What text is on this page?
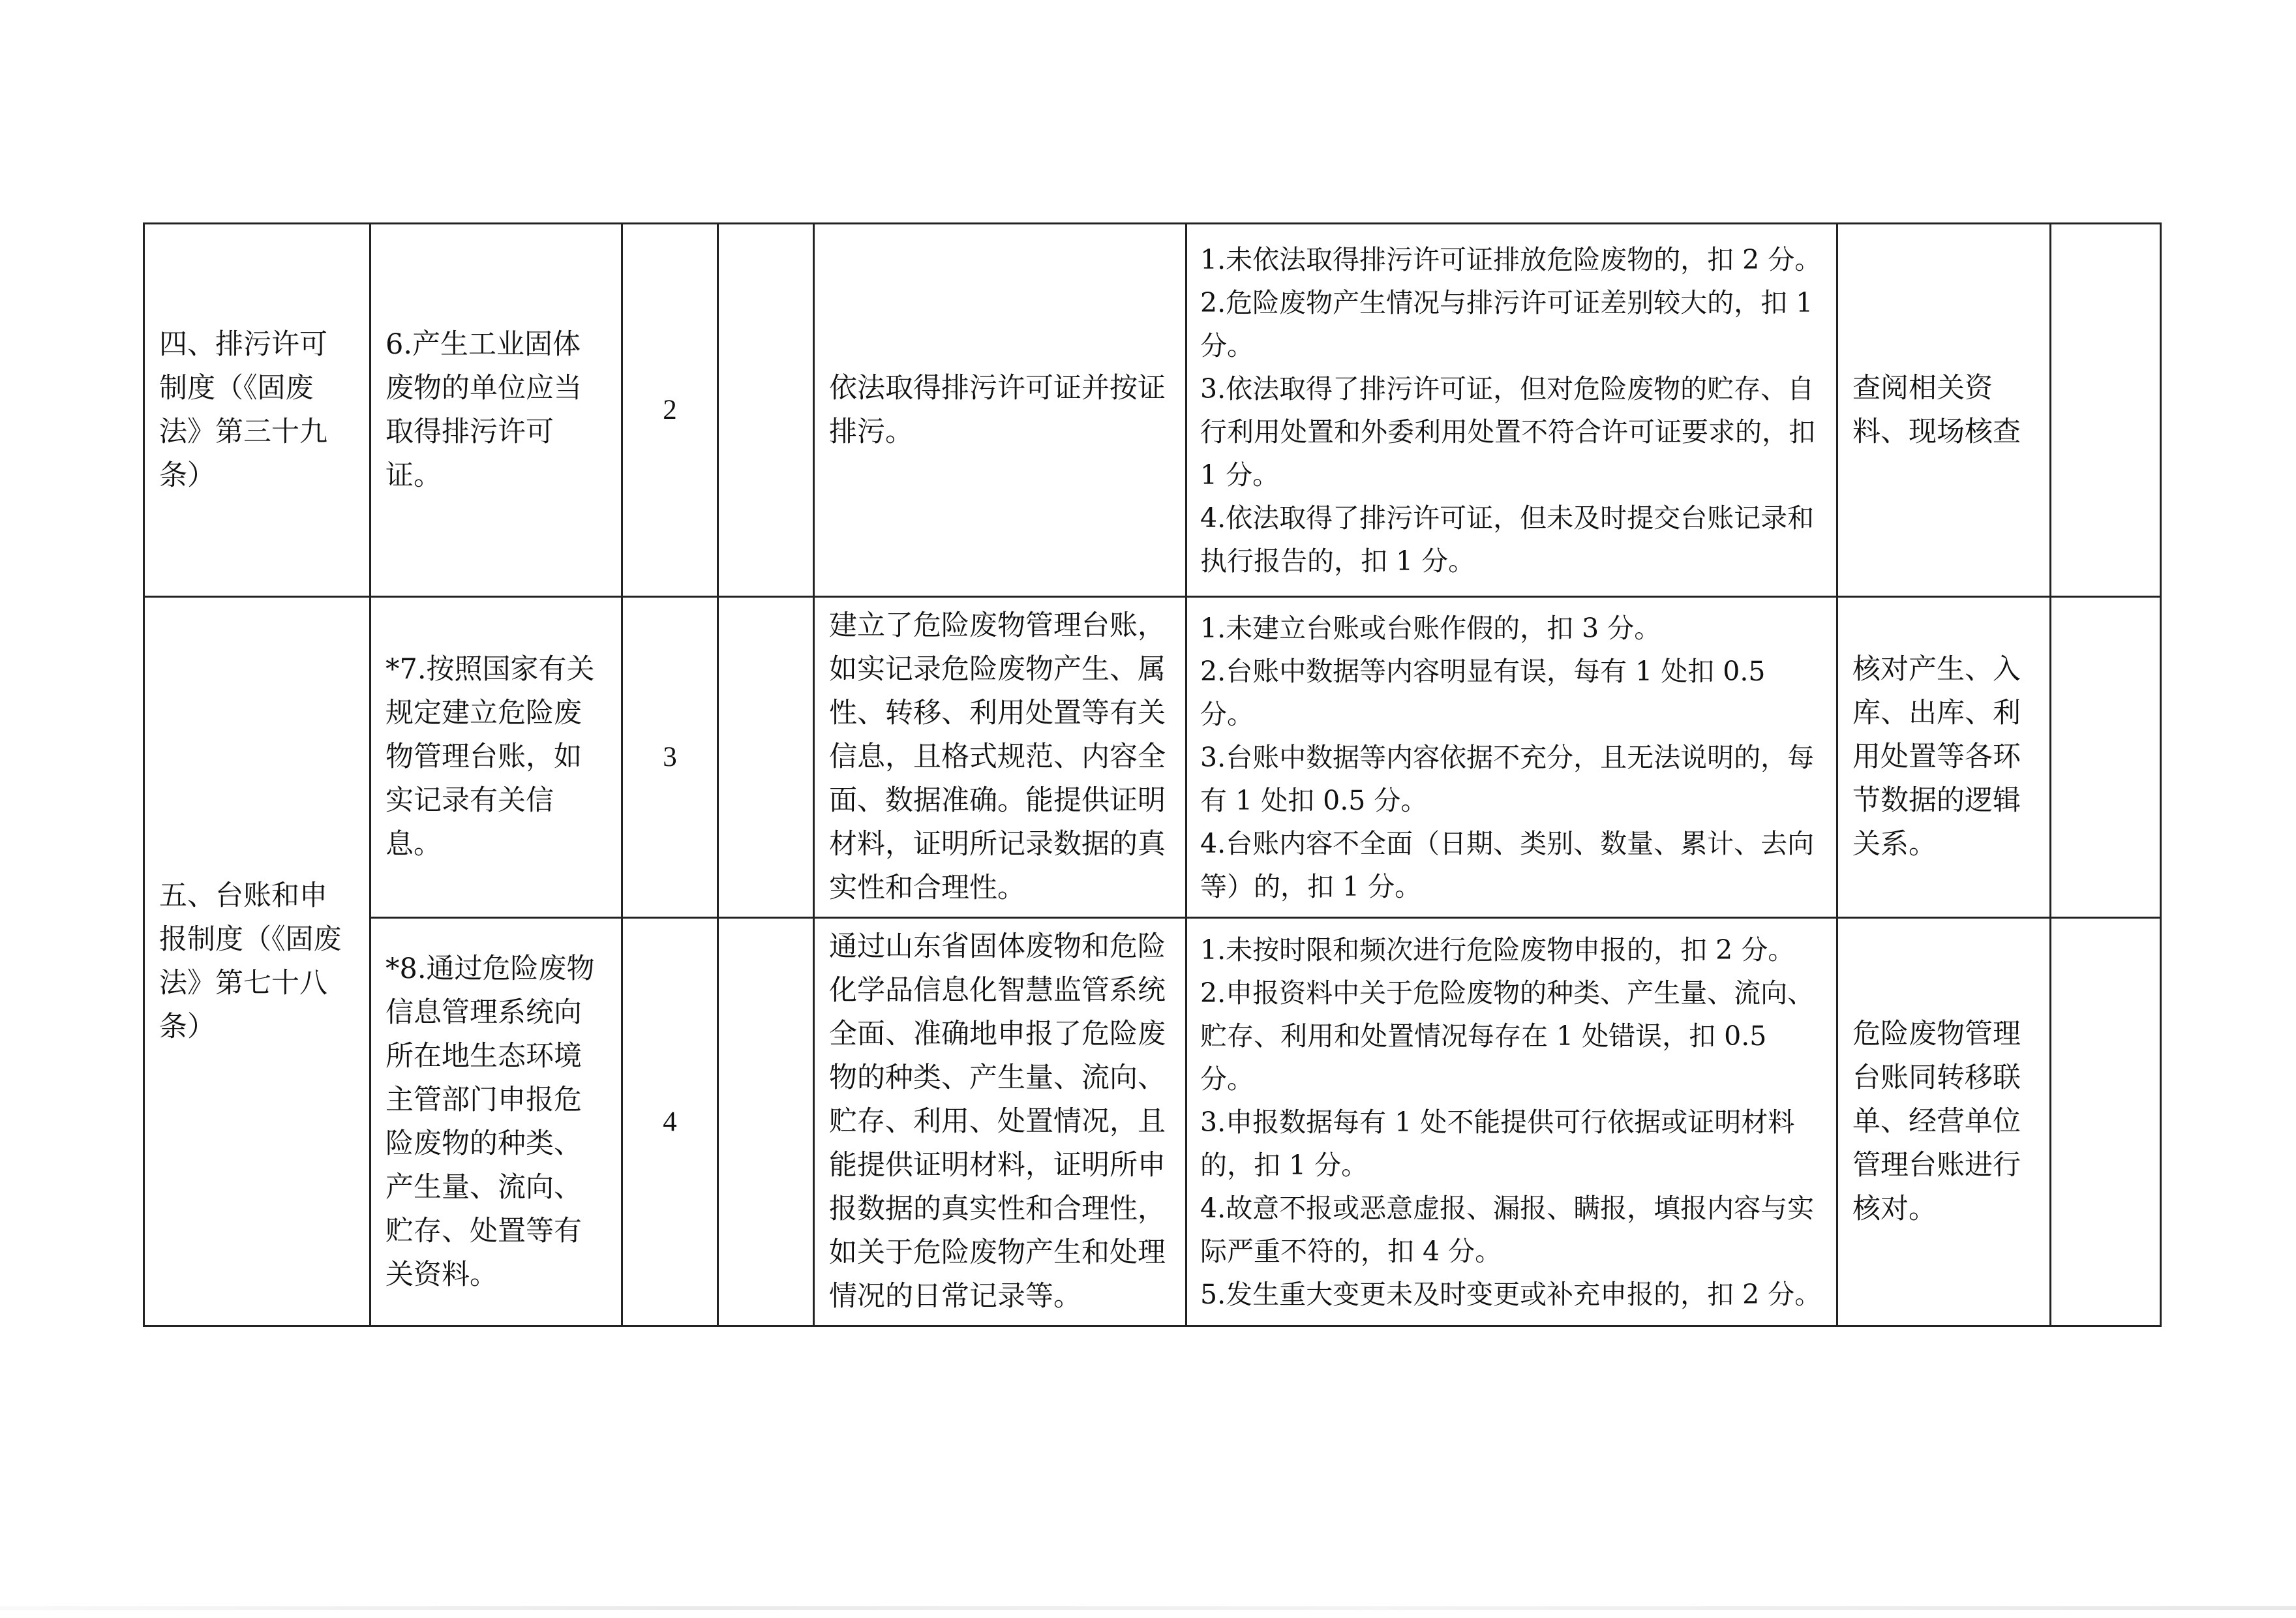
四、排污许可制度（《固废法》第三十九条）	6.产生工业固体废物的单位应当取得排污许可证。	2		依法取得排污许可证并按证排污。	1.未依法取得排污许可证排放危险废物的，扣 2 分。
2.危险废物产生情况与排污许可证差别较大的，扣 1 分。
3.依法取得了排污许可证，但对危险废物的贮存、自行利用处置和外委利用处置不符合许可证要求的，扣 1 分。
4.依法取得了排污许可证，但未及时提交台账记录和执行报告的，扣 1 分。	查阅相关资料、现场核查	
五、台账和申报制度（《固废法》第七十八条）	*7.按照国家有关规定建立危险废物管理台账，如实记录有关信息。	3		建立了危险废物管理台账，如实记录危险废物产生、属性、转移、利用处置等有关信息，且格式规范、内容全面、数据准确。能提供证明材料，证明所记录数据的真实性和合理性。	1.未建立台账或台账作假的，扣 3 分。
2.台账中数据等内容明显有误，每有 1 处扣 0.5 分。
3.台账中数据等内容依据不充分，且无法说明的，每有 1 处扣 0.5 分。
4.台账内容不全面（日期、类别、数量、累计、去向等）的，扣 1 分。	核对产生、入库、出库、利用处置等各环节数据的逻辑关系。	
	*8.通过危险废物信息管理系统向所在地生态环境主管部门申报危险废物的种类、产生量、流向、贮存、处置等有关资料。	4		通过山东省固体废物和危险化学品信息化智慧监管系统全面、准确地申报了危险废物的种类、产生量、流向、贮存、利用、处置情况，且能提供证明材料，证明所申报数据的真实性和合理性，如关于危险废物产生和处理情况的日常记录等。	1.未按时限和频次进行危险废物申报的，扣 2 分。
2.申报资料中关于危险废物的种类、产生量、流向、贮存、利用和处置情况每存在 1 处错误，扣 0.5 分。
3.申报数据每有 1 处不能提供可行依据或证明材料的，扣 1 分。
4.故意不报或恶意虚报、漏报、瞒报，填报内容与实际严重不符的，扣 4 分。
5.发生重大变更未及时变更或补充申报的，扣 2 分。	危险废物管理台账同转移联单、经营单位管理台账进行核对。	
